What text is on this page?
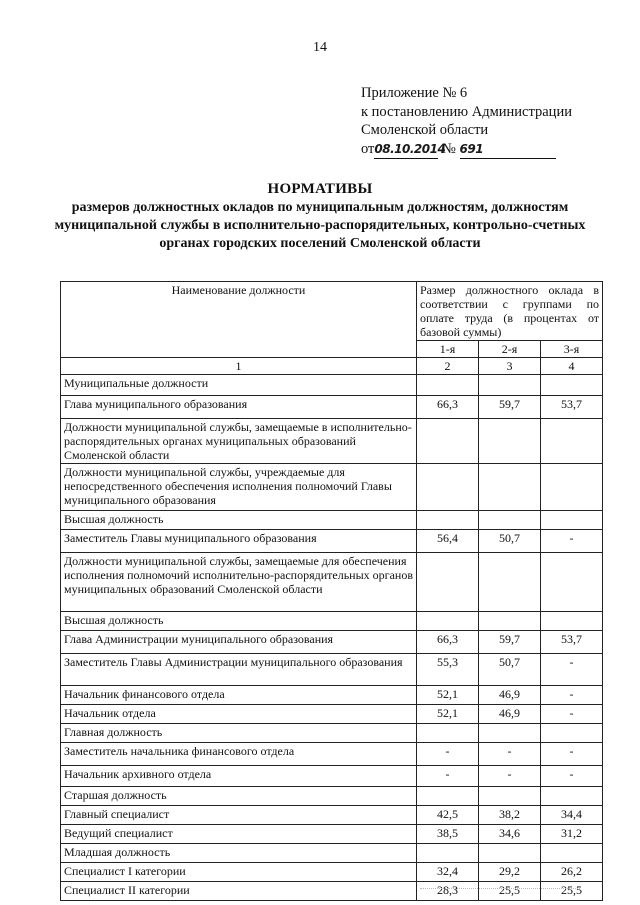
14
Приложение № 6
к постановлению Администрации
Смоленской области
от08.10.2014 № 691
НОРМАТИВЫ
размеров должностных окладов по муниципальным должностям, должностям муниципальной службы в исполнительно-распорядительных, контрольно-счетных органах городских поселений Смоленской области
Наименование должности	Размер должностного оклада в соответствии с группами по оплате труда (в процентах от базовой суммы)		
	1-я	2-я	3-я
1	2	3	4
Муниципальные должности			
Глава муниципального образования	66,3	59,7	53,7
Должности муниципальной службы, замещаемые в исполнительно-распорядительных органах муниципальных образований Смоленской области			
Должности муниципальной службы, учреждаемые для непосредственного обеспечения исполнения полномочий Главы муниципального образования			
Высшая должность			
Заместитель Главы муниципального образования	56,4	50,7	-
Должности муниципальной службы, замещаемые для обеспечения исполнения полномочий исполнительно-распорядительных органов муниципальных образований Смоленской области			
Высшая должность			
Глава Администрации муниципального образования	66,3	59,7	53,7
Заместитель Главы Администрации муниципального образования	55,3	50,7	-
Начальник финансового отдела	52,1	46,9	-
Начальник отдела	52,1	46,9	-
Главная должность			
Заместитель начальника финансового отдела	-	-	-
Начальник архивного отдела	-	-	-
Старшая должность			
Главный специалист	42,5	38,2	34,4
Ведущий специалист	38,5	34,6	31,2
Младшая должность			
Специалист I категории	32,4	29,2	26,2
Специалист II категории	28,3	25,5	25,5
